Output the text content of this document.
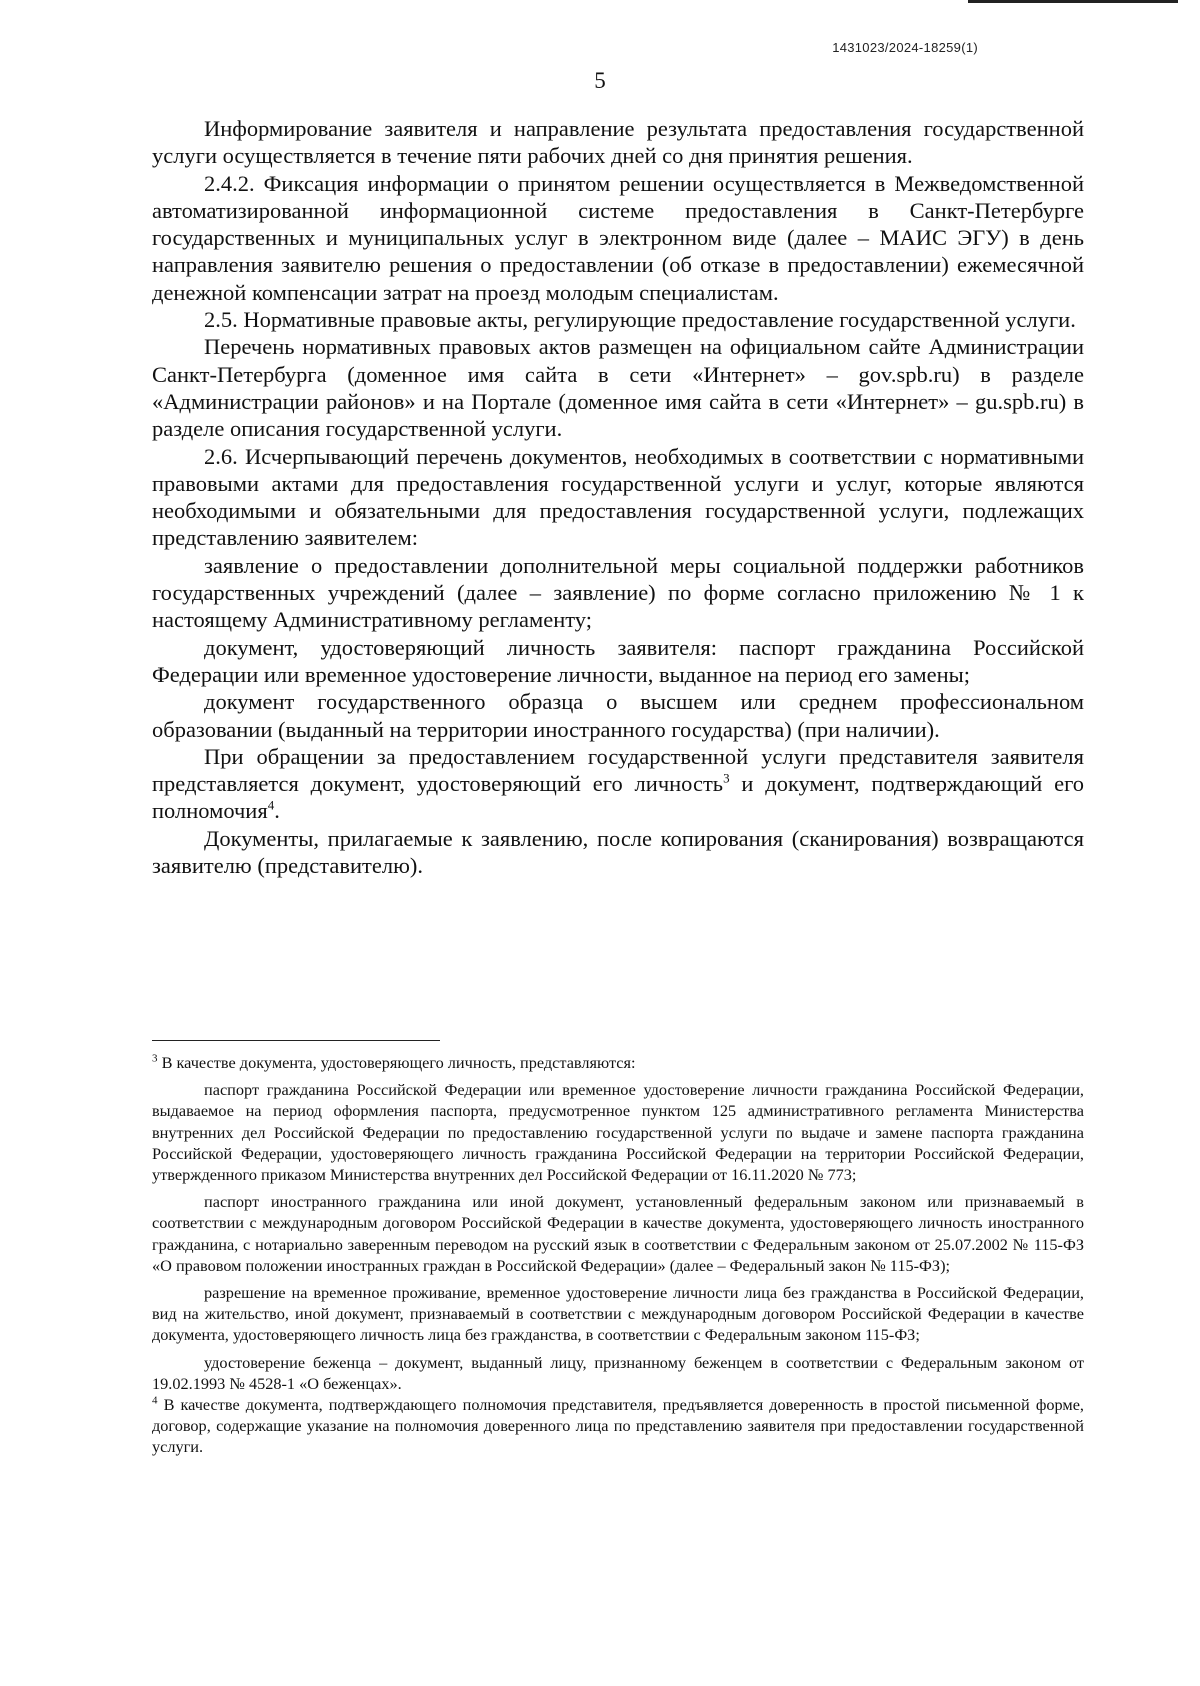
1431023/2024-18259(1)
5

Информирование заявителя и направление результата предоставления государственной услуги осуществляется в течение пяти рабочих дней со дня принятия решения.

2.4.2. Фиксация информации о принятом решении осуществляется в Межведомственной автоматизированной информационной системе предоставления в Санкт-Петербурге государственных и муниципальных услуг в электронном виде (далее – МАИС ЭГУ) в день направления заявителю решения о предоставлении (об отказе в предоставлении) ежемесячной денежной компенсации затрат на проезд молодым специалистам.

2.5. Нормативные правовые акты, регулирующие предоставление государственной услуги.

Перечень нормативных правовых актов размещен на официальном сайте Администрации Санкт-Петербурга (доменное имя сайта в сети «Интернет» – gov.spb.ru) в разделе «Администрации районов» и на Портале (доменное имя сайта в сети «Интернет» – gu.spb.ru) в разделе описания государственной услуги.

2.6. Исчерпывающий перечень документов, необходимых в соответствии с нормативными правовыми актами для предоставления государственной услуги и услуг, которые являются необходимыми и обязательными для предоставления государственной услуги, подлежащих представлению заявителем:

заявление о предоставлении дополнительной меры социальной поддержки работников государственных учреждений (далее – заявление) по форме согласно приложению № 1 к настоящему Административному регламенту;

документ, удостоверяющий личность заявителя: паспорт гражданина Российской Федерации или временное удостоверение личности, выданное на период его замены;

документ государственного образца о высшем или среднем профессиональном образовании (выданный на территории иностранного государства) (при наличии).

При обращении за предоставлением государственной услуги представителя заявителя представляется документ, удостоверяющий его личность$^3$ и документ, подтверждающий его полномочия$^4$.

Документы, прилагаемые к заявлению, после копирования (сканирования) возвращаются заявителю (представителю).

$^3$ В качестве документа, удостоверяющего личность, представляются:

паспорт гражданина Российской Федерации или временное удостоверение личности гражданина Российской Федерации, выдаваемое на период оформления паспорта, предусмотренное пунктом 125 административного регламента Министерства внутренних дел Российской Федерации по предоставлению государственной услуги по выдаче и замене паспорта гражданина Российской Федерации, удостоверяющего личность гражданина Российской Федерации на территории Российской Федерации, утвержденного приказом Министерства внутренних дел Российской Федерации от 16.11.2020 № 773;

паспорт иностранного гражданина или иной документ, установленный федеральным законом или признаваемый в соответствии с международным договором Российской Федерации в качестве документа, удостоверяющего личность иностранного гражданина, с нотариально заверенным переводом на русский язык в соответствии с Федеральным законом от 25.07.2002 № 115-ФЗ «О правовом положении иностранных граждан в Российской Федерации» (далее – Федеральный закон № 115-ФЗ);

разрешение на временное проживание, временное удостоверение личности лица без гражданства в Российской Федерации, вид на жительство, иной документ, признаваемый в соответствии с международным договором Российской Федерации в качестве документа, удостоверяющего личность лица без гражданства, в соответствии с Федеральным законом 115-ФЗ;

удостоверение беженца – документ, выданный лицу, признанному беженцем в соответствии с Федеральным законом от 19.02.1993 № 4528-1 «О беженцах».

$^4$ В качестве документа, подтверждающего полномочия представителя, предъявляется доверенность в простой письменной форме, договор, содержащие указание на полномочия доверенного лица по представлению заявителя при предоставлении государственной услуги.
